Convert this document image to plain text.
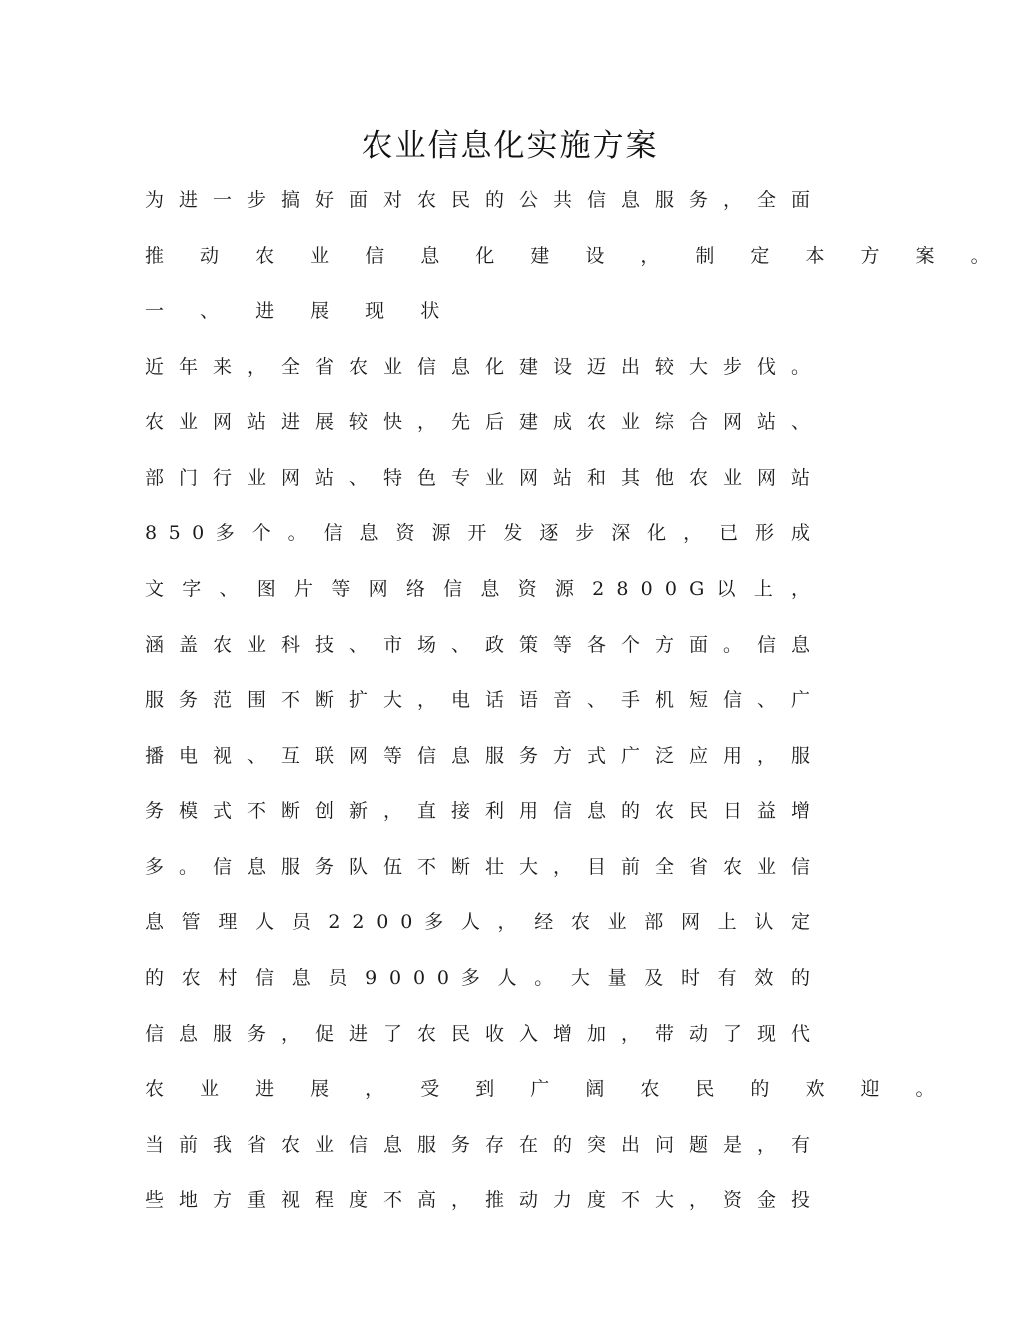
农业信息化实施方案
为 进 一 步 搞 好 面 对 农 民 的 公 共 信 息 服 务 ， 全 面
推 动 农 业 信 息 化 建 设 ， 制 定 本 方 案 。
一 、 进 展 现 状
近 年 来 ， 全 省 农 业 信 息 化 建 设 迈 出 较 大 步 伐 。
农 业 网 站 进 展 较 快 ， 先 后 建 成 农 业 综 合 网 站 、
部 门 行 业 网 站 、 特 色 专 业 网 站 和 其 他 农 业 网 站
8 5 0 多 个 。 信 息 资 源 开 发 逐 步 深 化 ， 已 形 成
文 字 、 图 片 等 网 络 信 息 资 源 2 8 0 0 G 以 上 ，
涵 盖 农 业 科 技 、 市 场 、 政 策 等 各 个 方 面 。 信 息
服 务 范 围 不 断 扩 大 ， 电 话 语 音 、 手 机 短 信 、 广
播 电 视 、 互 联 网 等 信 息 服 务 方 式 广 泛 应 用 ， 服
务 模 式 不 断 创 新 ， 直 接 利 用 信 息 的 农 民 日 益 增
多 。 信 息 服 务 队 伍 不 断 壮 大 ， 目 前 全 省 农 业 信
息 管 理 人 员 2 2 0 0 多 人 ， 经 农 业 部 网 上 认 定
的 农 村 信 息 员 9 0 0 0 多 人 。 大 量 及 时 有 效 的
信 息 服 务 ， 促 进 了 农 民 收 入 增 加 ， 带 动 了 现 代
农 业 进 展 ， 受 到 广 阔 农 民 的 欢 迎 。
当 前 我 省 农 业 信 息 服 务 存 在 的 突 出 问 题 是 ， 有
些 地 方 重 视 程 度 不 高 ， 推 动 力 度 不 大 ， 资 金 投
